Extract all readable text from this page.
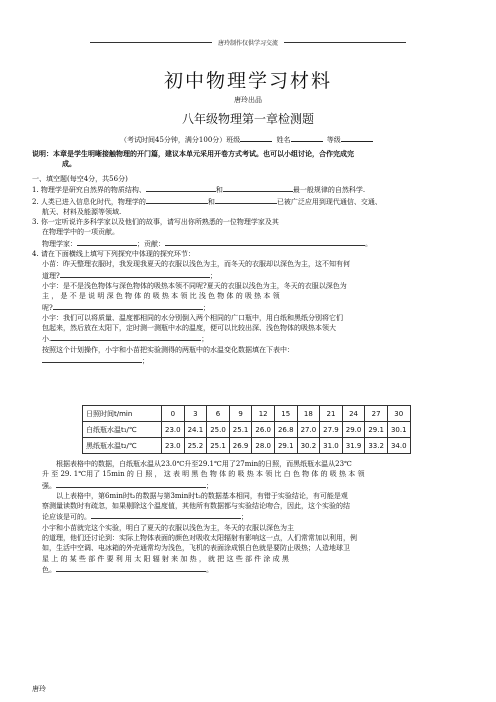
唐玲制作仅供学习交流
初中物理学习材料
唐玲出品
八年级物理第一章检测题
（考试时间45分钟，满分100分）班级	姓名	等级
说明：本章是学生明晰接触物理的开门篇，建议本单元采用开卷方式考试。也可以小组讨论，合作完成完
成。
一、填空题(每空4分，共56分)
1. 物理学是研究自然界的物质结构、	和	最一般规律的自然科学.
2. 人类已进入信息化时代，物理学的	和	已被广泛应用到现代通信、交通、
航天、材料及能源等领域.
3. 你一定听说许多科学家以及他们的故事，请写出你所熟悉的一位物理学家及其
在物理学中的一项贡献。
物理学家：	；贡献：	。
4. 请在下面横线上填写下列探究中体现的探究环节：
小苗：昨天整理衣服时，我发现我夏天的衣服以浅色为主，而冬天的衣服却以深色为主，这不知有何
道理?	；
小宇：是不是浅色物体与深色物体的吸热本领不同呢?夏天的衣服以浅色为主，冬天的衣服以深色为
主 ， 是 不 是 说 明 深 色 物 体 的 吸 热 本 领 比 浅 色 物 体 的 吸 热 本 领
呢?	；
小宇：我们可以将质量、温度都相同的水分别倒入两个相同的广口瓶中，用白纸和黑纸分别将它们
包起来，然后放在太阳下，定时测一测瓶中水的温度，便可以比较出深、浅色物体的吸热本领大
小.	；
按照这个计划操作，小宇和小苗把实验测得的两瓶中的水温变化数据填在下表中：
；
日照时间t/min	0	3	6	9	12	15	18	21	24	27	30
白纸瓶水温t₁/℃	23.0	24.1	25.0	25.1	26.0	26.8	27.0	27.9	29.0	29.1	30.1
黑纸瓶水温t₂/℃	23.0	25.2	25.1	26.9	28.0	29.1	30.2	31.0	31.9	33.2	34.0
根据表格中的数据，白纸瓶水温从23.0℃升至29.1℃用了27min的日照，而黑纸瓶水温从23℃
升 至 29. 1℃用了 15min 的 日 照 ， 这 表 明 黑 色 物 体 的 吸 热 本 领 比 白 色 物 体 的 吸 热 本 领
强。	；
以上表格中，第6min时t₂的数据与第3min时t₂的数据基本相同，有错于实验结论，有可能是观
察测量读数时有疏忽，如果剔除这个温度值，其他所有数据都与实验结论吻合，因此，这个实验的结
论应该是可的。	；
小宇和小苗就完这个实验，明白了夏天的衣服以浅色为主，冬天的衣服以深色为主
的道理，他们还讨论到：实际上物体表面的颜色对吸收太阳辐射有影响这一点，人们常常加以利用，例
如，生活中空调、电冰箱的外壳通常均为浅色，飞机的表面涂成银白色就是要防止吸热；人造地球卫
星 上 的 某 些 部 件 要 利 用 太 阳 辐 射 来 加 热 ， 就 把 这 些 部 件 涂 成 黑
色。	。
唐玲
